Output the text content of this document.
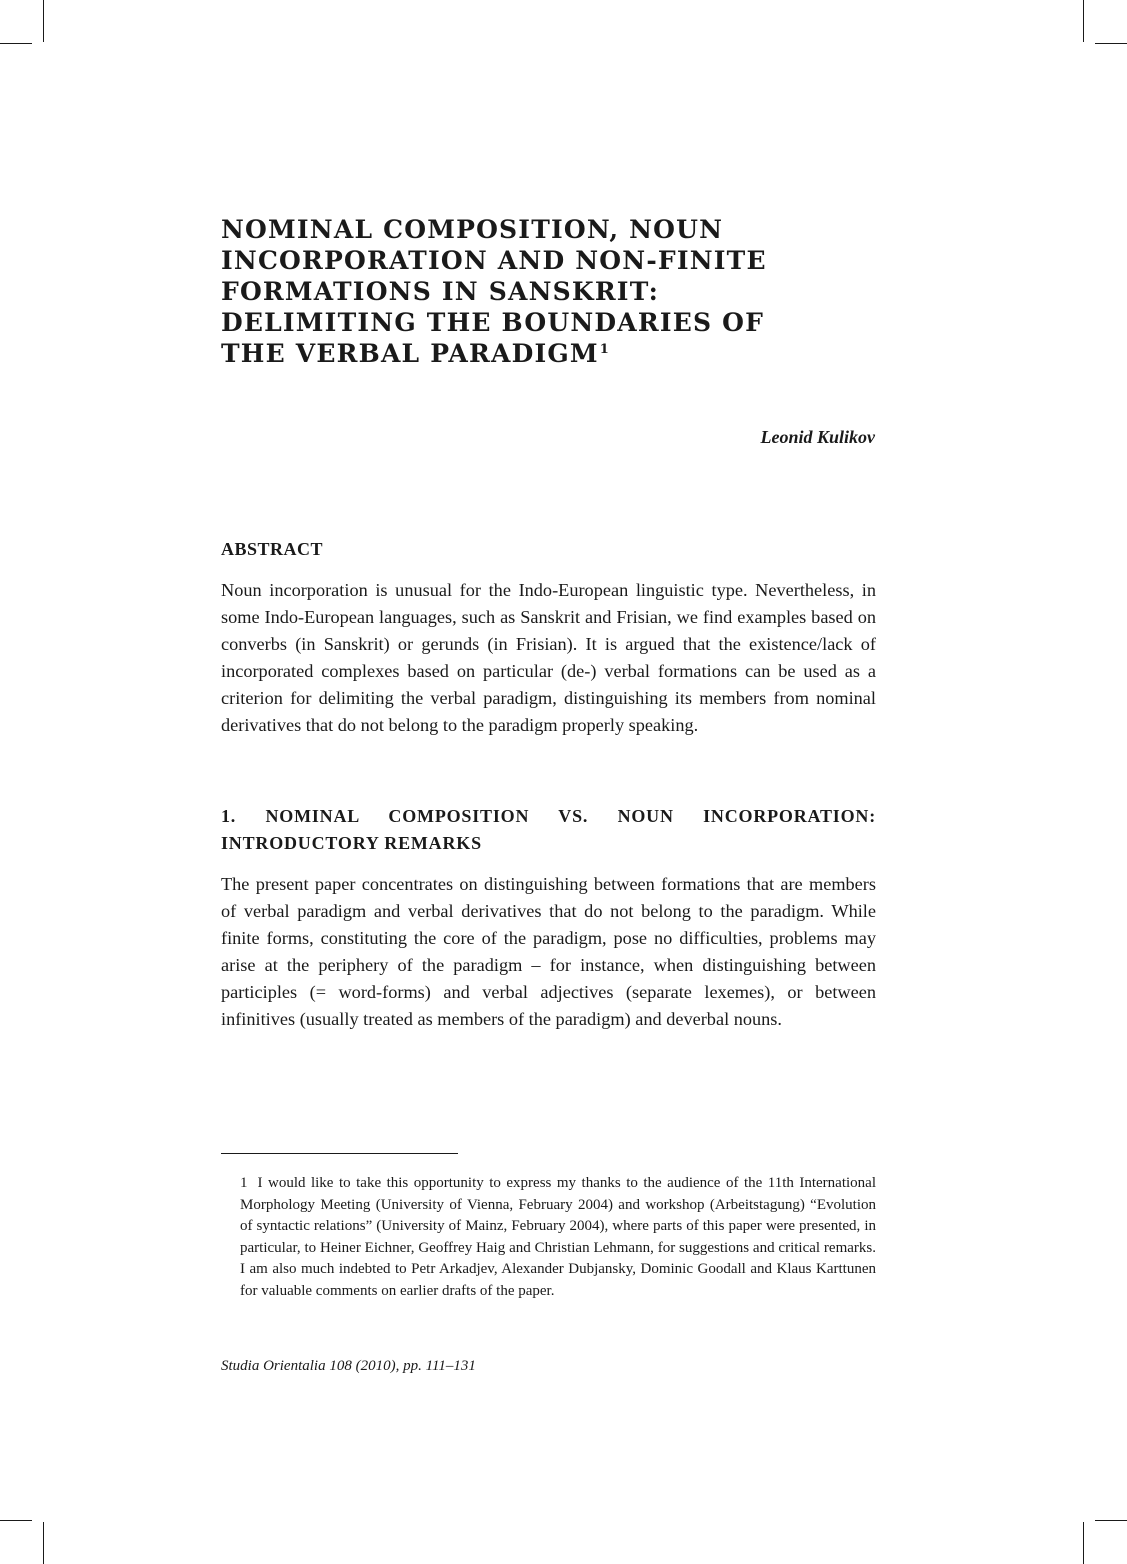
NOMINAL COMPOSITION, NOUN INCORPORATION AND NON-FINITE FORMATIONS IN SANSKRIT: DELIMITING THE BOUNDARIES OF THE VERBAL PARADIGM$^1$
Leonid Kulikov
ABSTRACT

Noun incorporation is unusual for the Indo-European linguistic type. Nevertheless, in some Indo-European languages, such as Sanskrit and Frisian, we find examples based on converbs (in Sanskrit) or gerunds (in Frisian). It is argued that the existence/lack of incorporated complexes based on particular (de-) verbal formations can be used as a criterion for delimiting the verbal paradigm, distinguishing its members from nominal derivatives that do not belong to the paradigm properly speaking.

1. NOMINAL COMPOSITION VS. NOUN INCORPORATION: INTRODUCTORY REMARKS

The present paper concentrates on distinguishing between formations that are members of verbal paradigm and verbal derivatives that do not belong to the paradigm. While finite forms, constituting the core of the paradigm, pose no difficulties, problems may arise at the periphery of the paradigm – for instance, when distinguishing between participles (= word-forms) and verbal adjectives (separate lexemes), or between infinitives (usually treated as members of the paradigm) and deverbal nouns.

1 I would like to take this opportunity to express my thanks to the audience of the 11th International Morphology Meeting (University of Vienna, February 2004) and workshop (Arbeitstagung) “Evolution of syntactic relations” (University of Mainz, February 2004), where parts of this paper were presented, in particular, to Heiner Eichner, Geoffrey Haig and Christian Lehmann, for suggestions and critical remarks. I am also much indebted to Petr Arkadjev, Alexander Dubjansky, Dominic Goodall and Klaus Karttunen for valuable comments on earlier drafts of the paper.

Studia Orientalia 108 (2010), pp. 111–131
